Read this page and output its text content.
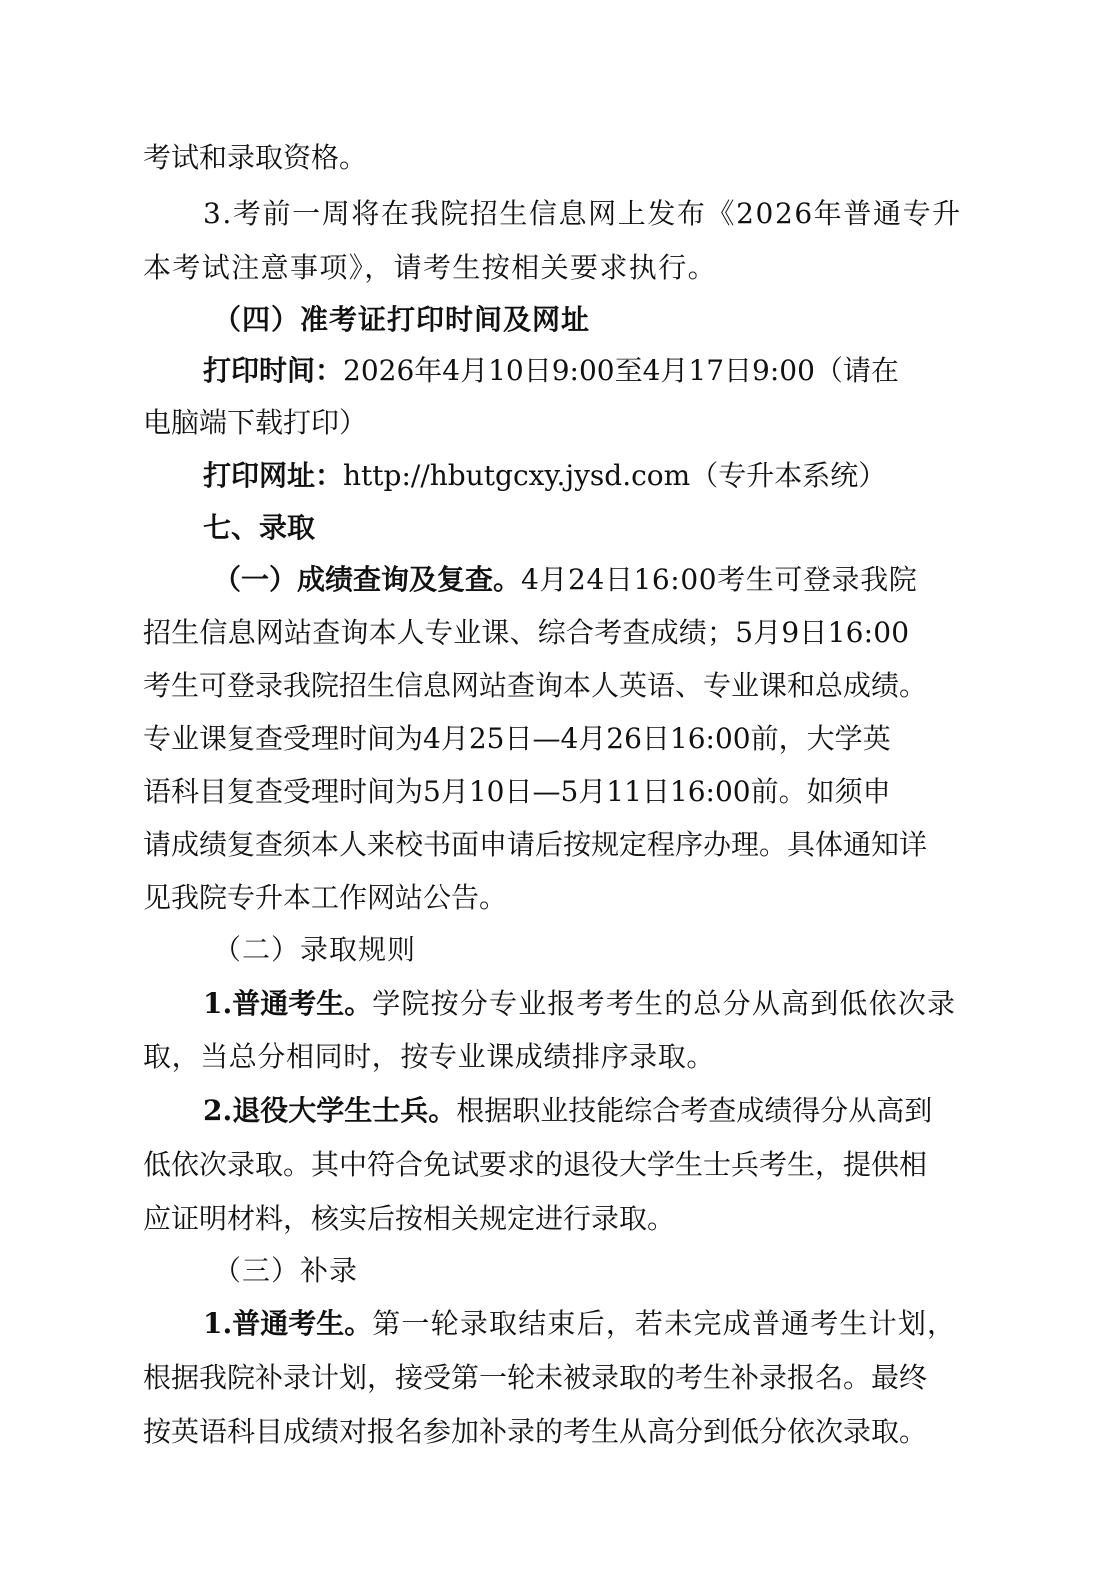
考试和录取资格。
3.考前一周将在我院招生信息网上发布《2026年普通专升
本考试注意事项》，请考生按相关要求执行。
（四）准考证打印时间及网址
打印时间：2026年4月10日9:00至4月17日9:00（请在
电脑端下载打印）
打印网址：http://hbutgcxy.jysd.com（专升本系统）
七、录取
（一）成绩查询及复查。4月24日16:00考生可登录我院
招生信息网站查询本人专业课、综合考查成绩；5月9日16:00
考生可登录我院招生信息网站查询本人英语、专业课和总成绩。
专业课复查受理时间为4月25日—4月26日16:00前，大学英
语科目复查受理时间为5月10日—5月11日16:00前。如须申
请成绩复查须本人来校书面申请后按规定程序办理。具体通知详
见我院专升本工作网站公告。
（二）录取规则
1.普通考生。学院按分专业报考考生的总分从高到低依次录
取，当总分相同时，按专业课成绩排序录取。
2.退役大学生士兵。根据职业技能综合考查成绩得分从高到
低依次录取。其中符合免试要求的退役大学生士兵考生，提供相
应证明材料，核实后按相关规定进行录取。
（三）补录
1.普通考生。第一轮录取结束后，若未完成普通考生计划，
根据我院补录计划，接受第一轮未被录取的考生补录报名。最终
按英语科目成绩对报名参加补录的考生从高分到低分依次录取。
